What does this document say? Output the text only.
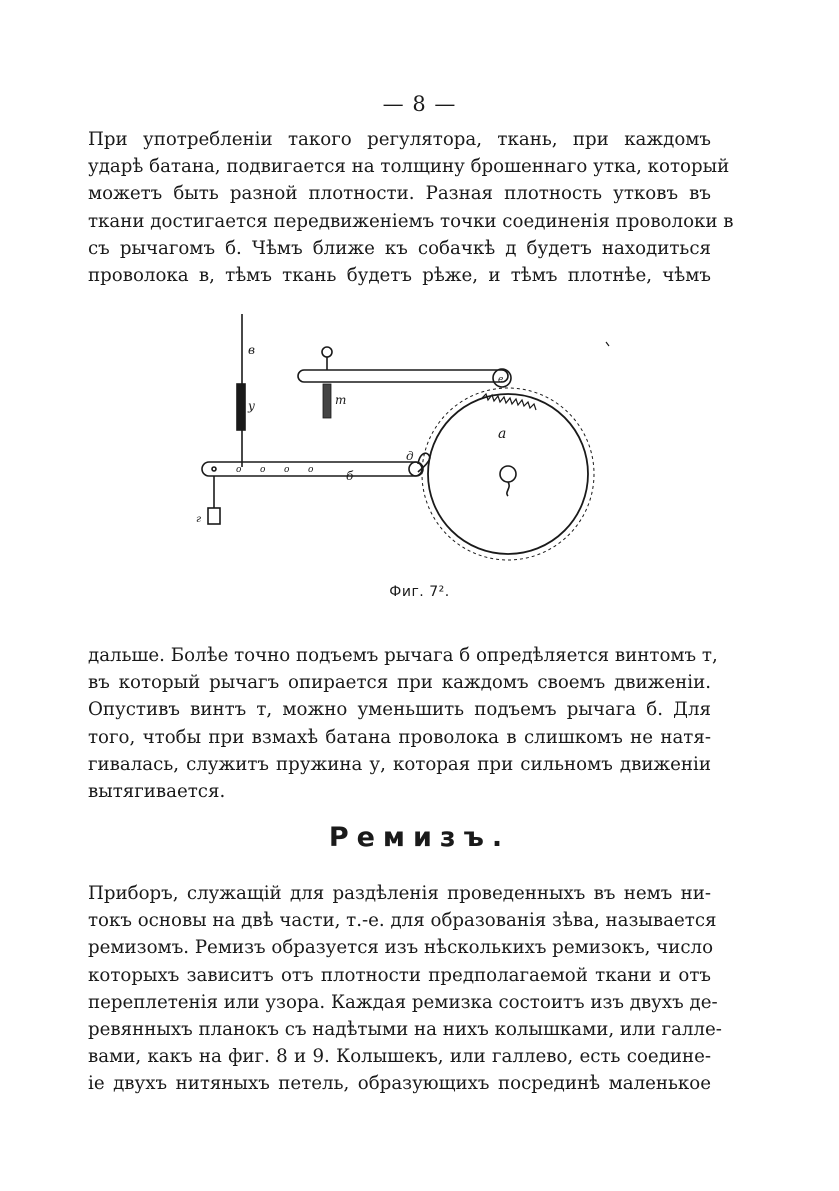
— 8 —
При употребленіи такого регулятора, ткань, при каждомъ
ударѣ батана, подвигается на толщину брошеннаго утка, который
можетъ быть разной плотности. Разная плотность утковъ въ
ткани достигается передвиженіемъ точки соединенія проволоки в
съ рычагомъ б. Чѣмъ ближе къ собачкѣ д будетъ находиться
проволока в, тѣмъ ткань будетъ рѣже, и тѣмъ плотнѣе, чѣмъ
в
у	т
а
д
б
г
е
о о о о
Фиг. 7².
дальше. Болѣе точно подъемъ рычага б опредѣляется винтомъ т,
въ который рычагъ опирается при каждомъ своемъ движеніи.
Опустивъ винтъ т, можно уменьшить подъемъ рычага б. Для
того, чтобы при взмахѣ батана проволока в слишкомъ не натя-
гивалась, служитъ пружина у, которая при сильномъ движеніи
вытягивается.
Ремизъ.
Приборъ, служащій для раздѣленія проведенныхъ въ немъ ни-
токъ основы на двѣ части, т.-е. для образованія зѣва, называется
ремизомъ. Ремизъ образуется изъ нѣсколькихъ ремизокъ, число
которыхъ зависитъ отъ плотности предполагаемой ткани и отъ
переплетенія или узора. Каждая ремизка состоитъ изъ двухъ де-
ревянныхъ планокъ съ надѣтыми на нихъ колышками, или галле-
вами, какъ на фиг. 8 и 9. Колышекъ, или галлево, есть соедине-
іе двухъ нитяныхъ петель, образующихъ посрединѣ маленькое
